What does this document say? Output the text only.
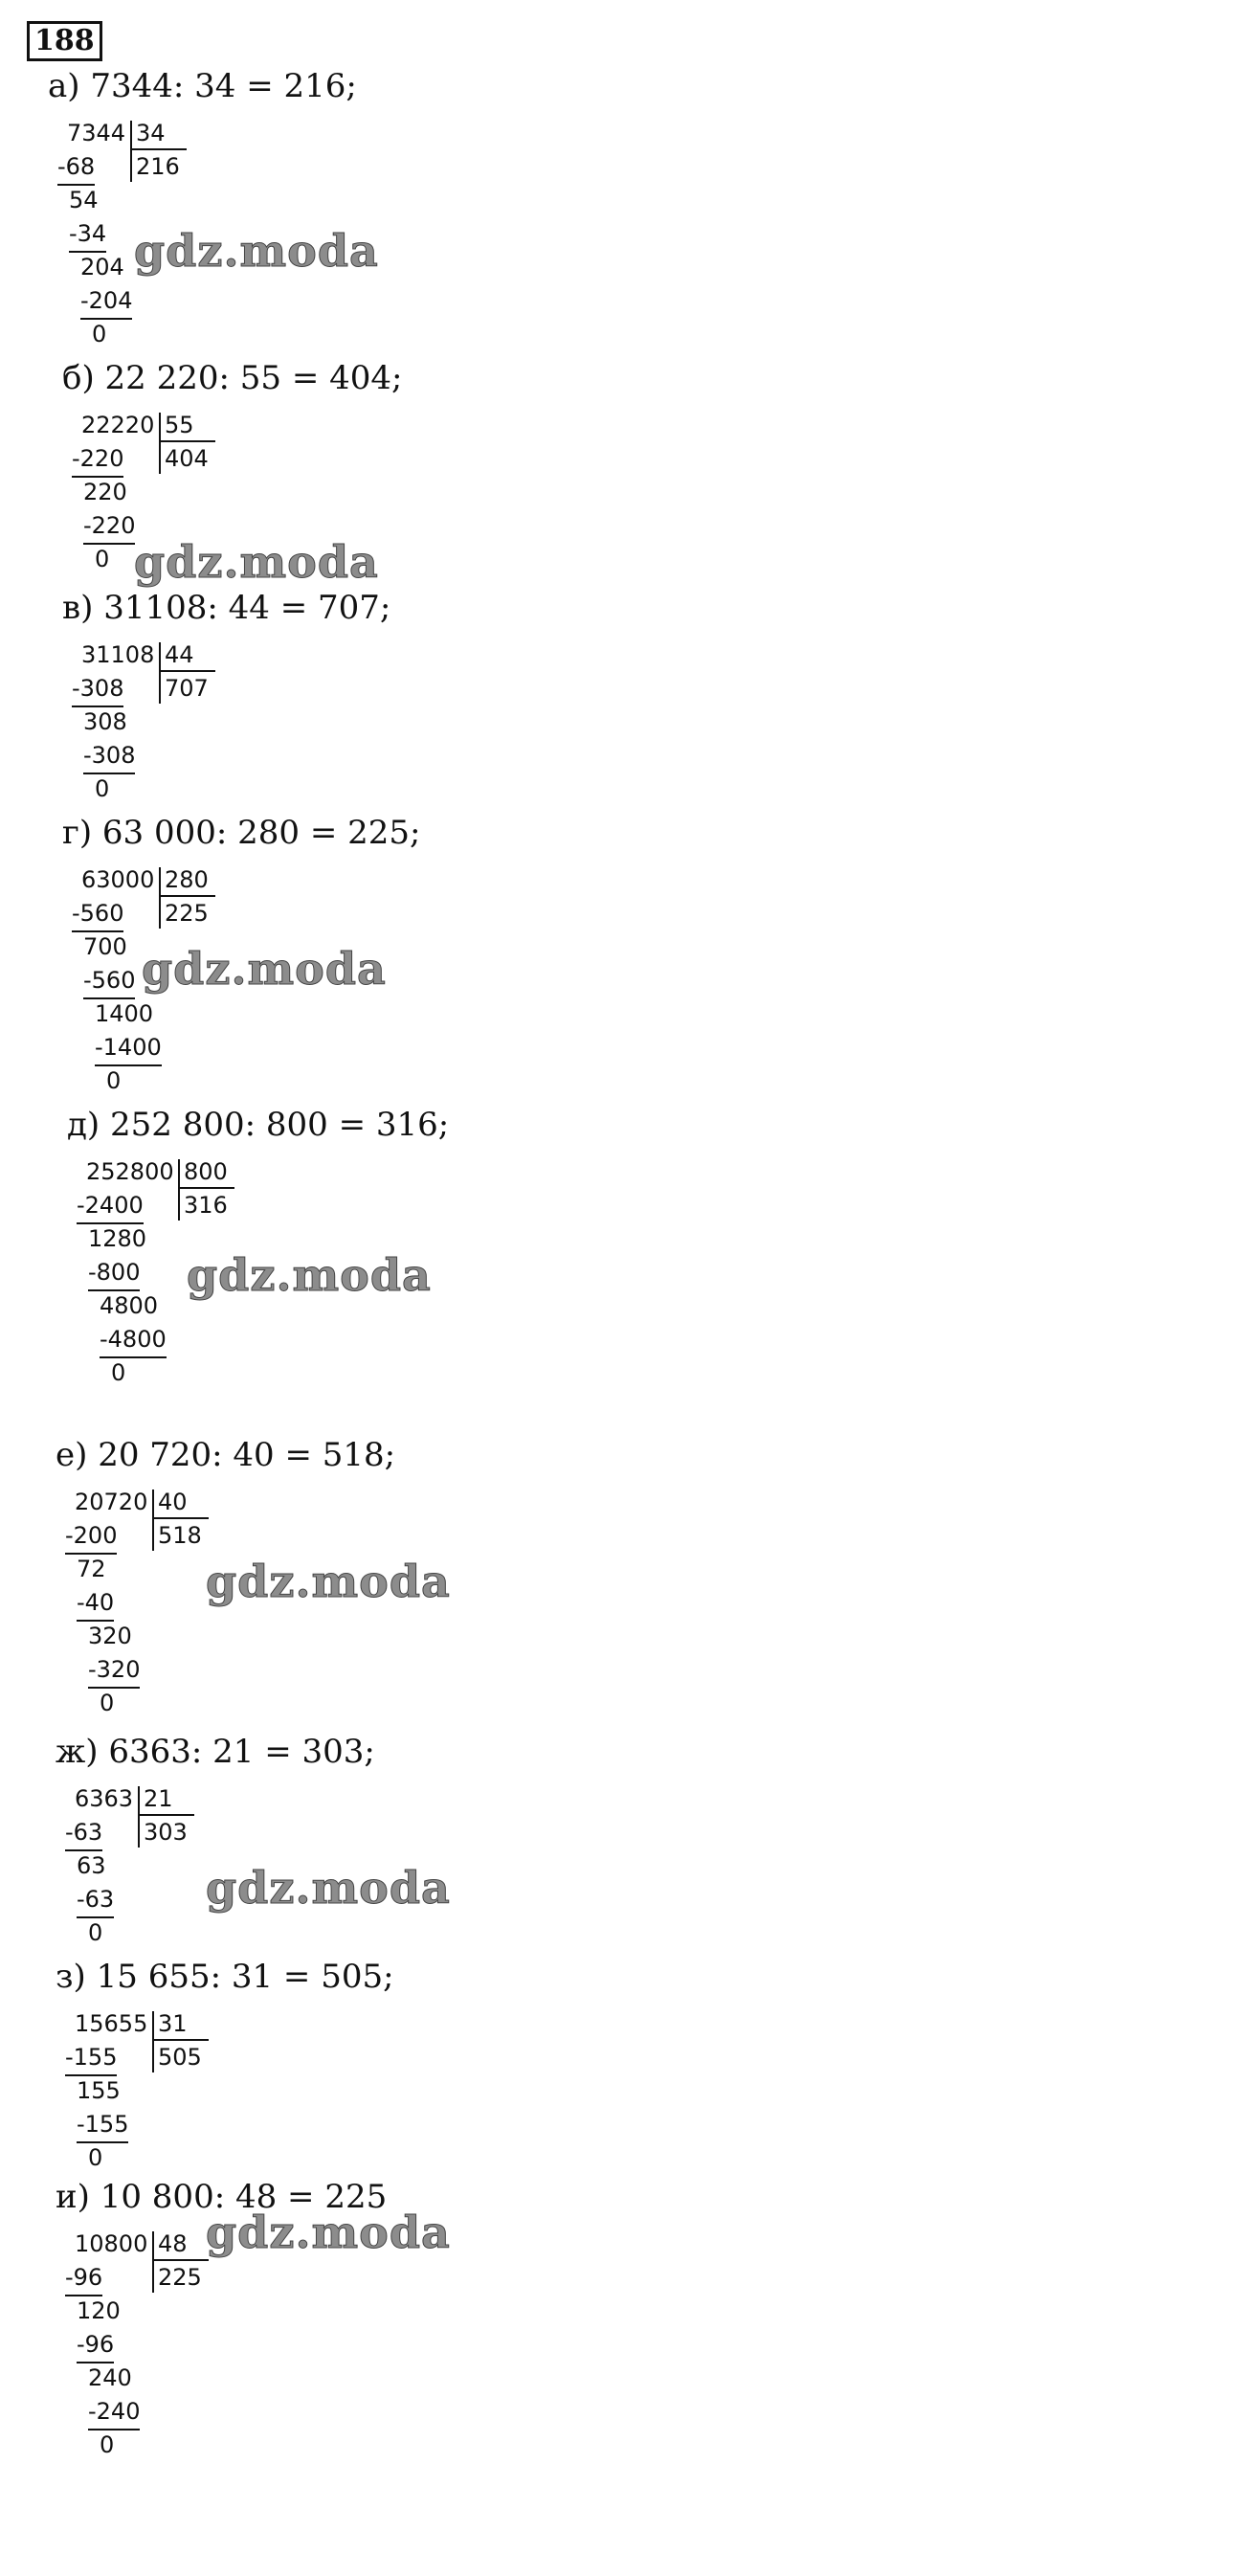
188
а) 7344: 34 = 216;
7344 34
216
-68
54
-34
204
-204
0
gdz.moda
б) 22 220: 55 = 404;
22220 55
404
-220
220
-220
0 gdz.moda
в) 31108: 44 = 707;
31108 44
707
-308
308
-308
0
г) 63 000: 280 = 225;
63000 280
225
-560
700
-560
1400
-1400
0
gdz.moda
д) 252 800: 800 = 316;
252800 800
316
-2400
1280
-800
4800
-4800
0
gdz.moda
е) 20 720: 40 = 518;
20720 40
518
-200
72
-40
320
-320
0
gdz.moda
ж) 6363: 21 = 303;
6363 21
303
-63
63
-63
0
gdz.moda
з) 15 655: 31 = 505;
15655 31
505
-155
155
-155
0
и) 10 800: 48 = 225
10800 48
225
-96
120
-96
240
-240
0
gdz.moda
